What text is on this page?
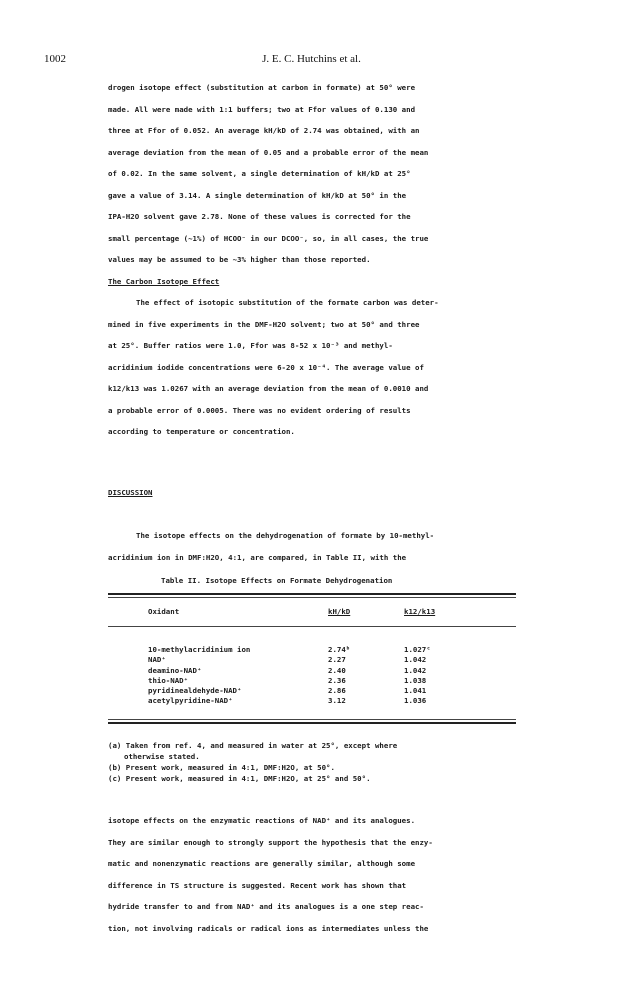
1002	J. E. C. Hutchins et al.
drogen isotope effect (substitution at carbon in formate) at 50° were
made. All were made with 1:1 buffers; two at Ffor values of 0.130 and
three at Ffor of 0.052. An average kH/kD of 2.74 was obtained, with an
average deviation from the mean of 0.05 and a probable error of the mean
of 0.02. In the same solvent, a single determination of kH/kD at 25°
gave a value of 3.14. A single determination of kH/kD at 50° in the
IPA-H2O solvent gave 2.78. None of these values is corrected for the
small percentage (~1%) of HCOO⁻ in our DCOO⁻, so, in all cases, the true
values may be assumed to be ~3% higher than those reported.
The Carbon Isotope Effect
The effect of isotopic substitution of the formate carbon was deter-
mined in five experiments in the DMF-H2O solvent; two at 50° and three
at 25°. Buffer ratios were 1.0, Ffor was 8-52 x 10⁻³ and methyl-
acridinium iodide concentrations were 6-20 x 10⁻⁴. The average value of
k12/k13 was 1.0267 with an average deviation from the mean of 0.0010 and
a probable error of 0.0005. There was no evident ordering of results
according to temperature or concentration.
DISCUSSION
The isotope effects on the dehydrogenation of formate by 10-methyl-
acridinium ion in DMF:H2O, 4:1, are compared, in Table II, with the
Table II. Isotope Effects on Formate Dehydrogenation
Oxidant	kH/kD	k12/k13
10-methylacridinium ion	2.74ᵇ	1.027ᶜ
NAD⁺	2.27	1.042
deamino-NAD⁺	2.40	1.042
thio-NAD⁺	2.36	1.038
pyridinealdehyde-NAD⁺	2.86	1.041
acetylpyridine-NAD⁺	3.12	1.036
(a) Taken from ref. 4, and measured in water at 25°, except where
otherwise stated.
(b) Present work, measured in 4:1, DMF:H2O, at 50°.
(c) Present work, measured in 4:1, DMF:H2O, at 25° and 50°.
isotope effects on the enzymatic reactions of NAD⁺ and its analogues.
They are similar enough to strongly support the hypothesis that the enzy-
matic and nonenzymatic reactions are generally similar, although some
difference in TS structure is suggested. Recent work has shown that
hydride transfer to and from NAD⁺ and its analogues is a one step reac-
tion, not involving radicals or radical ions as intermediates unless the
